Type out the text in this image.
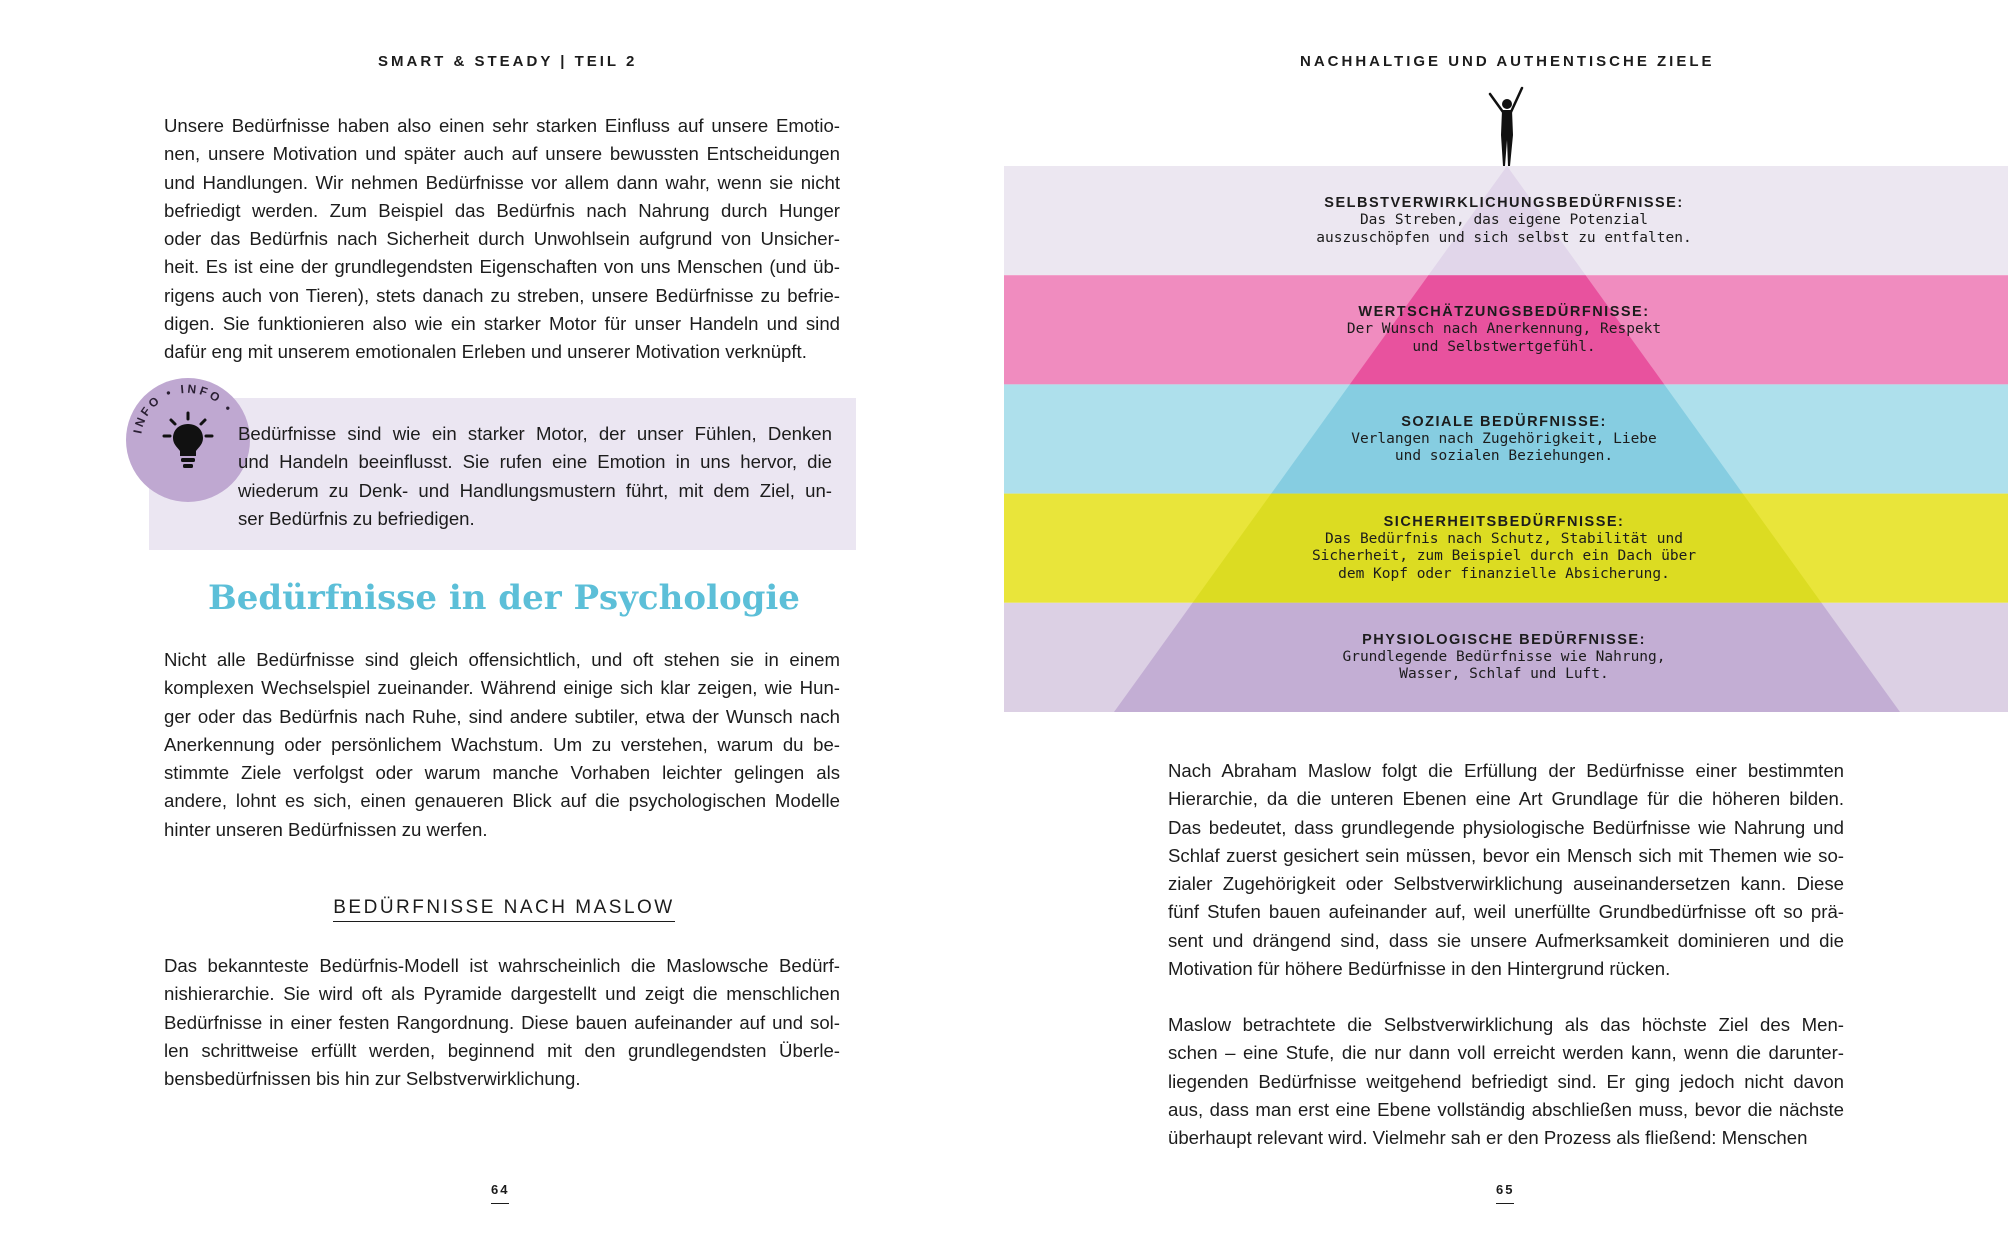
SMART & STEADY | TEIL 2
Unsere Bedürfnisse haben also einen sehr starken Einfluss auf unsere Emotio-
nen, unsere Motivation und später auch auf unsere bewussten Entscheidungen
und Handlungen. Wir nehmen Bedürfnisse vor allem dann wahr, wenn sie nicht
befriedigt werden. Zum Beispiel das Bedürfnis nach Nahrung durch Hunger
oder das Bedürfnis nach Sicherheit durch Unwohlsein aufgrund von Unsicher-
heit. Es ist eine der grundlegendsten Eigenschaften von uns Menschen (und üb-
rigens auch von Tieren), stets danach zu streben, unsere Bedürfnisse zu befrie-
digen. Sie funktionieren also wie ein starker Motor für unser Handeln und sind
dafür eng mit unserem emotionalen Erleben und unserer Motivation verknüpft.
INFO • INFO •
Bedürfnisse sind wie ein starker Motor, der unser Fühlen, Denken
und Handeln beeinflusst. Sie rufen eine Emotion in uns hervor, die
wiederum zu Denk- und Handlungsmustern führt, mit dem Ziel, un-
ser Bedürfnis zu befriedigen.
Bedürfnisse in der Psychologie
Nicht alle Bedürfnisse sind gleich offensichtlich, und oft stehen sie in einem
komplexen Wechselspiel zueinander. Während einige sich klar zeigen, wie Hun-
ger oder das Bedürfnis nach Ruhe, sind andere subtiler, etwa der Wunsch nach
Anerkennung oder persönlichem Wachstum. Um zu verstehen, warum du be-
stimmte Ziele verfolgst oder warum manche Vorhaben leichter gelingen als
andere, lohnt es sich, einen genaueren Blick auf die psychologischen Modelle
hinter unseren Bedürfnissen zu werfen.
BEDÜRFNISSE NACH MASLOW
Das bekannteste Bedürfnis-Modell ist wahrscheinlich die Maslowsche Bedürf-
nishierarchie. Sie wird oft als Pyramide dargestellt und zeigt die menschlichen
Bedürfnisse in einer festen Rangordnung. Diese bauen aufeinander auf und sol-
len schrittweise erfüllt werden, beginnend mit den grundlegendsten Überle-
bensbedürfnissen bis hin zur Selbstverwirklichung.
64
NACHHALTIGE UND AUTHENTISCHE ZIELE
65
SELBSTVERWIRKLICHUNGSBEDÜRFNISSE:
Das Streben, das eigene Potenzial
auszuschöpfen und sich selbst zu entfalten.
WERTSCHÄTZUNGSBEDÜRFNISSE:
Der Wunsch nach Anerkennung, Respekt
und Selbstwertgefühl.
SOZIALE BEDÜRFNISSE:
Verlangen nach Zugehörigkeit, Liebe
und sozialen Beziehungen.
SICHERHEITSBEDÜRFNISSE:
Das Bedürfnis nach Schutz, Stabilität und
Sicherheit, zum Beispiel durch ein Dach über
dem Kopf oder finanzielle Absicherung.
PHYSIOLOGISCHE BEDÜRFNISSE:
Grundlegende Bedürfnisse wie Nahrung,
Wasser, Schlaf und Luft.
Nach Abraham Maslow folgt die Erfüllung der Bedürfnisse einer bestimmten
Hierarchie, da die unteren Ebenen eine Art Grundlage für die höheren bilden.
Das bedeutet, dass grundlegende physiologische Bedürfnisse wie Nahrung und
Schlaf zuerst gesichert sein müssen, bevor ein Mensch sich mit Themen wie so-
zialer Zugehörigkeit oder Selbstverwirklichung auseinandersetzen kann. Diese
fünf Stufen bauen aufeinander auf, weil unerfüllte Grundbedürfnisse oft so prä-
sent und drängend sind, dass sie unsere Aufmerksamkeit dominieren und die
Motivation für höhere Bedürfnisse in den Hintergrund rücken.
Maslow betrachtete die Selbstverwirklichung als das höchste Ziel des Men-
schen – eine Stufe, die nur dann voll erreicht werden kann, wenn die darunter-
liegenden Bedürfnisse weitgehend befriedigt sind. Er ging jedoch nicht davon
aus, dass man erst eine Ebene vollständig abschließen muss, bevor die nächste
überhaupt relevant wird. Vielmehr sah er den Prozess als fließend: Menschen
